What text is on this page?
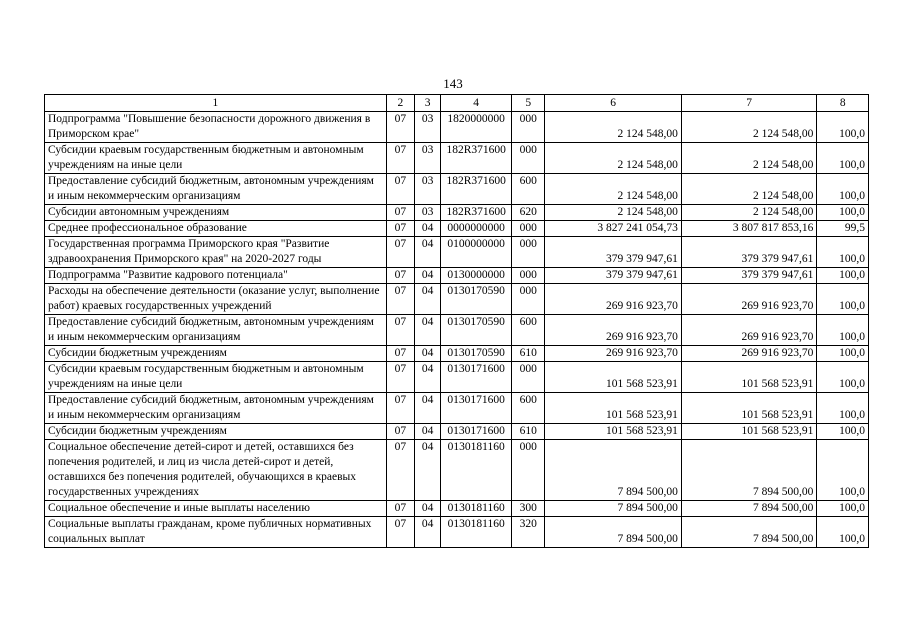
143
1	2	3	4	5	6	7	8
Подпрограмма "Повышение безопасности дорожного движения в Приморском крае"	07	03	1820000000	000	2 124 548,00	2 124 548,00	100,0
Субсидии краевым государственным бюджетным и автономным учреждениям на иные цели	07	03	182R371600	000	2 124 548,00	2 124 548,00	100,0
Предоставление субсидий бюджетным, автономным учреждениям и иным некоммерческим организациям	07	03	182R371600	600	2 124 548,00	2 124 548,00	100,0
Субсидии автономным учреждениям	07	03	182R371600	620	2 124 548,00	2 124 548,00	100,0
Среднее профессиональное образование	07	04	0000000000	000	3 827 241 054,73	3 807 817 853,16	99,5
Государственная программа Приморского края "Развитие здравоохранения Приморского края" на 2020-2027 годы	07	04	0100000000	000	379 379 947,61	379 379 947,61	100,0
Подпрограмма "Развитие кадрового потенциала"	07	04	0130000000	000	379 379 947,61	379 379 947,61	100,0
Расходы на обеспечение деятельности (оказание услуг, выполнение работ) краевых государственных учреждений	07	04	0130170590	000	269 916 923,70	269 916 923,70	100,0
Предоставление субсидий бюджетным, автономным учреждениям и иным некоммерческим организациям	07	04	0130170590	600	269 916 923,70	269 916 923,70	100,0
Субсидии бюджетным учреждениям	07	04	0130170590	610	269 916 923,70	269 916 923,70	100,0
Субсидии краевым государственным бюджетным и автономным учреждениям на иные цели	07	04	0130171600	000	101 568 523,91	101 568 523,91	100,0
Предоставление субсидий бюджетным, автономным учреждениям и иным некоммерческим организациям	07	04	0130171600	600	101 568 523,91	101 568 523,91	100,0
Субсидии бюджетным учреждениям	07	04	0130171600	610	101 568 523,91	101 568 523,91	100,0
Социальное обеспечение детей-сирот и детей, оставшихся без попечения родителей, и лиц из числа детей-сирот и детей, оставшихся без попечения родителей, обучающихся в краевых государственных учреждениях	07	04	0130181160	000	7 894 500,00	7 894 500,00	100,0
Социальное обеспечение и иные выплаты населению	07	04	0130181160	300	7 894 500,00	7 894 500,00	100,0
Социальные выплаты гражданам, кроме публичных нормативных социальных выплат	07	04	0130181160	320	7 894 500,00	7 894 500,00	100,0
